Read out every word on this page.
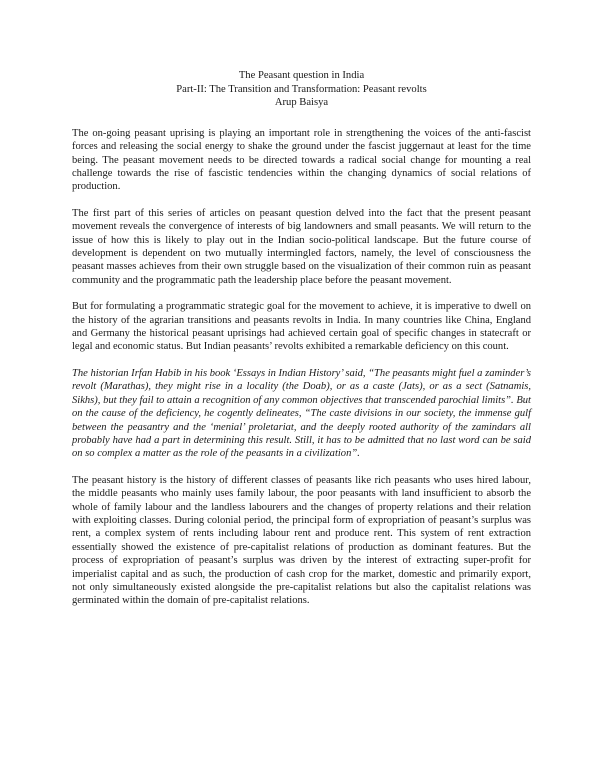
The Peasant question in India
Part-II: The Transition and Transformation: Peasant revolts
Arup Baisya

The on-going peasant uprising is playing an important role in strengthening the voices of the anti-fascist forces and releasing the social energy to shake the ground under the fascist juggernaut at least for the time being. The peasant movement needs to be directed towards a radical social change for mounting a real challenge towards the rise of fascistic tendencies within the changing dynamics of social relations of production.

The first part of this series of articles on peasant question delved into the fact that the present peasant movement reveals the convergence of interests of big landowners and small peasants. We will return to the issue of how this is likely to play out in the Indian socio-political landscape. But the future course of development is dependent on two mutually intermingled factors, namely, the level of consciousness the peasant masses achieves from their own struggle based on the visualization of their common ruin as peasant community and the programmatic path the leadership place before the peasant movement.

But for formulating a programmatic strategic goal for the movement to achieve, it is imperative to dwell on the history of the agrarian transitions and peasants revolts in India. In many countries like China, England and Germany the historical peasant uprisings had achieved certain goal of specific changes in statecraft or legal and economic status. But Indian peasants’ revolts exhibited a remarkable deficiency on this count.

The historian Irfan Habib in his book ‘Essays in Indian History’ said, “The peasants might fuel a zaminder’s revolt (Marathas), they might rise in a locality (the Doab), or as a caste (Jats), or as a sect (Satnamis, Sikhs), but they fail to attain a recognition of any common objectives that transcended parochial limits”. But on the cause of the deficiency, he cogently delineates, “The caste divisions in our society, the immense gulf between the peasantry and the ‘menial’ proletariat, and the deeply rooted authority of the zamindars all probably have had a part in determining this result. Still, it has to be admitted that no last word can be said on so complex a matter as the role of the peasants in a civilization”.

The peasant history is the history of different classes of peasants like rich peasants who uses hired labour, the middle peasants who mainly uses family labour, the poor peasants with land insufficient to absorb the whole of family labour and the landless labourers and the changes of property relations and their relation with exploiting classes. During colonial period, the principal form of expropriation of peasant’s surplus was rent, a complex system of rents including labour rent and produce rent. This system of rent extraction essentially showed the existence of pre-capitalist relations of production as dominant features. But the process of expropriation of peasant’s surplus was driven by the interest of extracting super-profit for imperialist capital and as such, the production of cash crop for the market, domestic and primarily export, not only simultaneously existed alongside the pre-capitalist relations but also the capitalist relations was germinated within the domain of pre-capitalist relations.
